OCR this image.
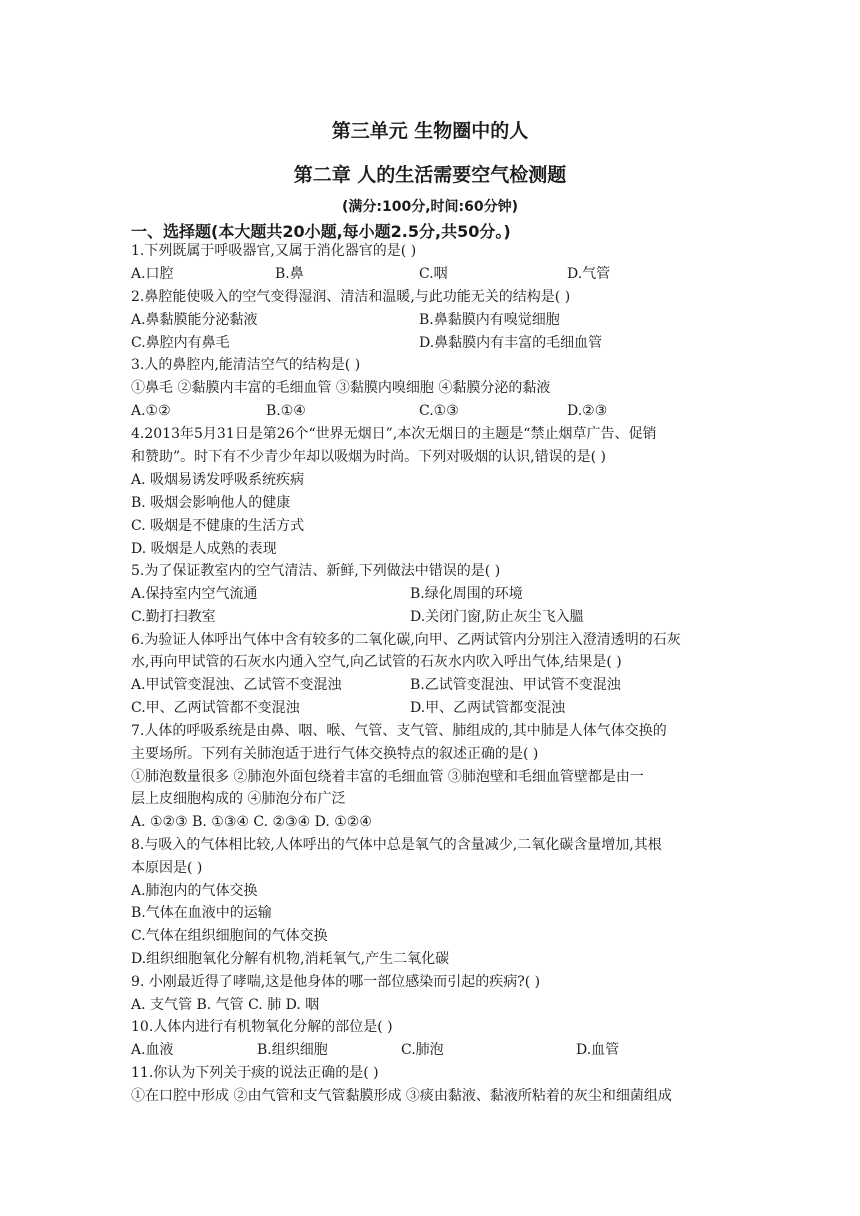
第三单元 生物圈中的人
第二章 人的生活需要空气检测题
(满分:100分,时间:60分钟)
一、选择题(本大题共20小题,每小题2.5分,共50分。)
1.下列既属于呼吸器官,又属于消化器官的是( )
A.口腔	B.鼻	C.咽	D.气管
2.鼻腔能使吸入的空气变得湿润、清洁和温暖,与此功能无关的结构是( )
A.鼻黏膜能分泌黏液	B.鼻黏膜内有嗅觉细胞
C.鼻腔内有鼻毛	D.鼻黏膜内有丰富的毛细血管
3.人的鼻腔内,能清洁空气的结构是( )
①鼻毛 ②黏膜内丰富的毛细血管 ③黏膜内嗅细胞 ④黏膜分泌的黏液
A.①②	B.①④	C.①③	D.②③
4.2013年5月31日是第26个“世界无烟日”,本次无烟日的主题是“禁止烟草广告、促销
和赞助”。时下有不少青少年却以吸烟为时尚。下列对吸烟的认识,错误的是( )
A. 吸烟易诱发呼吸系统疾病
B. 吸烟会影响他人的健康
C. 吸烟是不健康的生活方式
D. 吸烟是人成熟的表现
5.为了保证教室内的空气清洁、新鲜,下列做法中错误的是( )
A.保持室内空气流通	B.绿化周围的环境
C.勤打扫教室	D.关闭门窗,防止灰尘飞入膃
6.为验证人体呼出气体中含有较多的二氧化碳,向甲、乙两试管内分别注入澄清透明的石灰
水,再向甲试管的石灰水内通入空气,向乙试管的石灰水内吹入呼出气体,结果是( )
A.甲试管变混浊、乙试管不变混浊	B.乙试管变混浊、甲试管不变混浊
C.甲、乙两试管都不变混浊	D.甲、乙两试管都变混浊
7.人体的呼吸系统是由鼻、咽、喉、气管、支气管、肺组成的,其中肺是人体气体交换的
主要场所。下列有关肺泡适于进行气体交换特点的叙述正确的是( )
①肺泡数量很多 ②肺泡外面包绕着丰富的毛细血管 ③肺泡壁和毛细血管壁都是由一
层上皮细胞构成的 ④肺泡分布广泛
A. ①②③ B. ①③④ C. ②③④ D. ①②④
8.与吸入的气体相比较,人体呼出的气体中总是氧气的含量减少,二氧化碳含量增加,其根
本原因是( )
A.肺泡内的气体交换
B.气体在血液中的运输
C.气体在组织细胞间的气体交换
D.组织细胞氧化分解有机物,消耗氧气,产生二氧化碳
9. 小刚最近得了哮喘,这是他身体的哪一部位感染而引起的疾病?( )
A. 支气管 B. 气管 C. 肺 D. 咽
10.人体内进行有机物氧化分解的部位是( )
A.血液	B.组织细胞	C.肺泡	D.血管
11.你认为下列关于痰的说法正确的是( )
①在口腔中形成 ②由气管和支气管黏膜形成 ③痰由黏液、黏液所粘着的灰尘和细菌组成
